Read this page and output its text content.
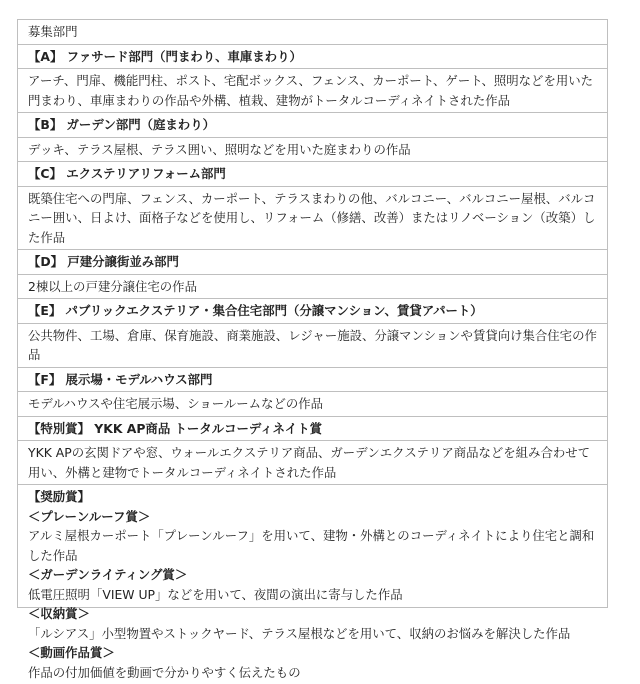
募集部門
【A】 ファサード部門（門まわり、車庫まわり）
アーチ、門扉、機能門柱、ポスト、宅配ボックス、フェンス、カーポート、ゲート、照明などを用いた門まわり、車庫まわりの作品や外構、植栽、建物がトータルコーディネイトされた作品
【B】 ガーデン部門（庭まわり）
デッキ、テラス屋根、テラス囲い、照明などを用いた庭まわりの作品
【C】 エクステリアリフォーム部門
既築住宅への門扉、フェンス、カーポート、テラスまわりの他、バルコニー、バルコニー屋根、バルコニー囲い、日よけ、面格子などを使用し、リフォーム（修繕、改善）またはリノベーション（改築）した作品
【D】 戸建分譲街並み部門
2棟以上の戸建分譲住宅の作品
【E】 パブリックエクステリア・集合住宅部門（分譲マンション、賃貸アパート）
公共物件、工場、倉庫、保育施設、商業施設、レジャー施設、分譲マンションや賃貸向け集合住宅の作品
【F】 展示場・モデルハウス部門
モデルハウスや住宅展示場、ショールームなどの作品
【特別賞】 YKK AP商品 トータルコーディネイト賞
YKK APの玄関ドアや窓、ウォールエクステリア商品、ガーデンエクステリア商品などを組み合わせて用い、外構と建物でトータルコーディネイトされた作品
【奨励賞】
＜プレーンルーフ賞＞
アルミ屋根カーポート「プレーンルーフ」を用いて、建物・外構とのコーディネイトにより住宅と調和した作品
＜ガーデンライティング賞＞
低電圧照明「VIEW UP」などを用いて、夜間の演出に寄与した作品
＜収納賞＞
「ルシアス」小型物置やストックヤード、テラス屋根などを用いて、収納のお悩みを解決した作品
＜動画作品賞＞
作品の付加価値を動画で分かりやすく伝えたもの
